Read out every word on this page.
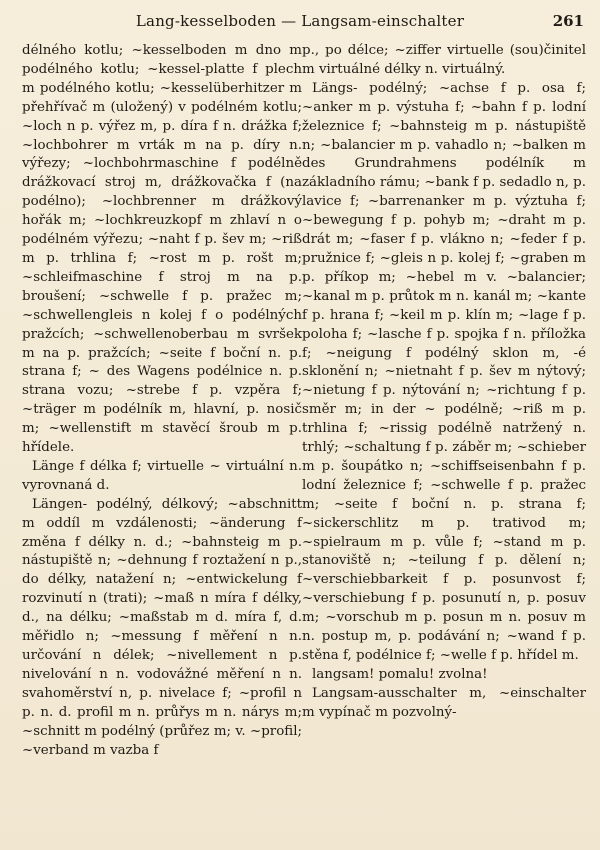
Lang-kesselboden — Langsam-einschalter	261

délného kotlu; ~kesselboden m dno m podélného kotlu; ~kessel-platte f plech m podélného kotlu; ~kesselüberhitzer m přehřívač m (uložený) v podélném kotlu; ~loch n p. výřez m, p. díra f n. drážka f; ~lochbohrer m vrták m na p. díry n. výřezy; ~lochbohrmaschine f podélně drážkovací stroj m, drážkovačka f (na podélno); ~lochbrenner m drážkový hořák m; ~lochkreuzkopf m zhlaví n o podélném výřezu; ~naht f p. šev m; ~riß m p. trhlina f; ~rost m p. rošt m; ~schleifmaschine f stroj m na p. broušení; ~schwelle f p. pražec m; ~schwellengleis n kolej f o podélných pražcích; ~schwellenoberbau m svršek m na p. pražcích; ~seite f boční n. p. strana f; ~ des Wagens podélnice n. p. strana vozu; ~strebe f p. vzpěra f; ~träger m podélník m, hlavní, p. nosič m; ~wellenstift m stavěcí šroub m p. hřídele.

Länge f délka f; virtuelle ~ virtuální n. vyrovnaná d.

Längen- podélný, délkový; ~abschnitt m oddíl m vzdálenosti; ~änderung f změna f délky n. d.; ~bahnsteig m p. nástupiště n; ~dehnung f roztažení n p., do délky, natažení n; ~entwickelung f rozvinutí n (trati); ~maß n míra f délky, d., na délku; ~maßstab m d. míra f, d. měřidlo n; ~messung f měření n n. určování n délek; ~nivellement n p. nivelování n n. vodovážné měření n n. svahoměrství n, p. nivelace f; ~profil n p. n. d. profil m n. průřys m n. nárys m; ~schnitt m podélný (průřez m; v. ~profil; ~verband m vazba f

p., po délce; ~ziffer virtuelle (sou)činitel m virtuálné délky n. virtuálný.

Längs- podélný; ~achse f p. osa f; ~anker m p. výstuha f; ~bahn f p. lodní železnice f; ~bahnsteig m p. nástupiště n; ~balancier m p. vahadlo n; ~balken m des Grundrahmens podélník m základního rámu; ~bank f p. sedadlo n, p. lavice f; ~barrenanker m p. výztuha f; ~bewegung f p. pohyb m; ~draht m p. drát m; ~faser f p. vlákno n; ~feder f p. pružnice f; ~gleis n p. kolej f; ~graben m p. příkop m; ~hebel m v. ~balancier; ~kanal m p. průtok m n. kanál m; ~kante f p. hrana f; ~keil m p. klín m; ~lage f p. poloha f; ~lasche f p. spojka f n. příložka f; ~neigung f podélný sklon m, -é sklonění n; ~nietnaht f p. šev m nýtový; ~nietung f p. nýtování n; ~richtung f p. směr m; in der ~ podélně; ~riß m p. trhlina f; ~rissig podélně natržený n. trhlý; ~schaltung f p. záběr m; ~schieber m p. šoupátko n; ~schiffseisenbahn f p. lodní železnice f; ~schwelle f p. pražec m; ~seite f boční n. p. strana f; ~sickerschlitz m p. trativod m; ~spielraum m p. vůle f; ~stand m p. stanoviště n; ~teilung f p. dělení n; ~verschiebbarkeit f p. posunvost f; ~verschiebung f p. posunutí n, p. posuv m; ~vorschub m p. posun m n. posuv m n. postup m, p. podávání n; ~wand f p. stěna f, podélnice f; ~welle f p. hřídel m.

langsam! pomalu! zvolna!

Langsam-ausschalter m, ~einschalter m vypínač m pozvolný-
